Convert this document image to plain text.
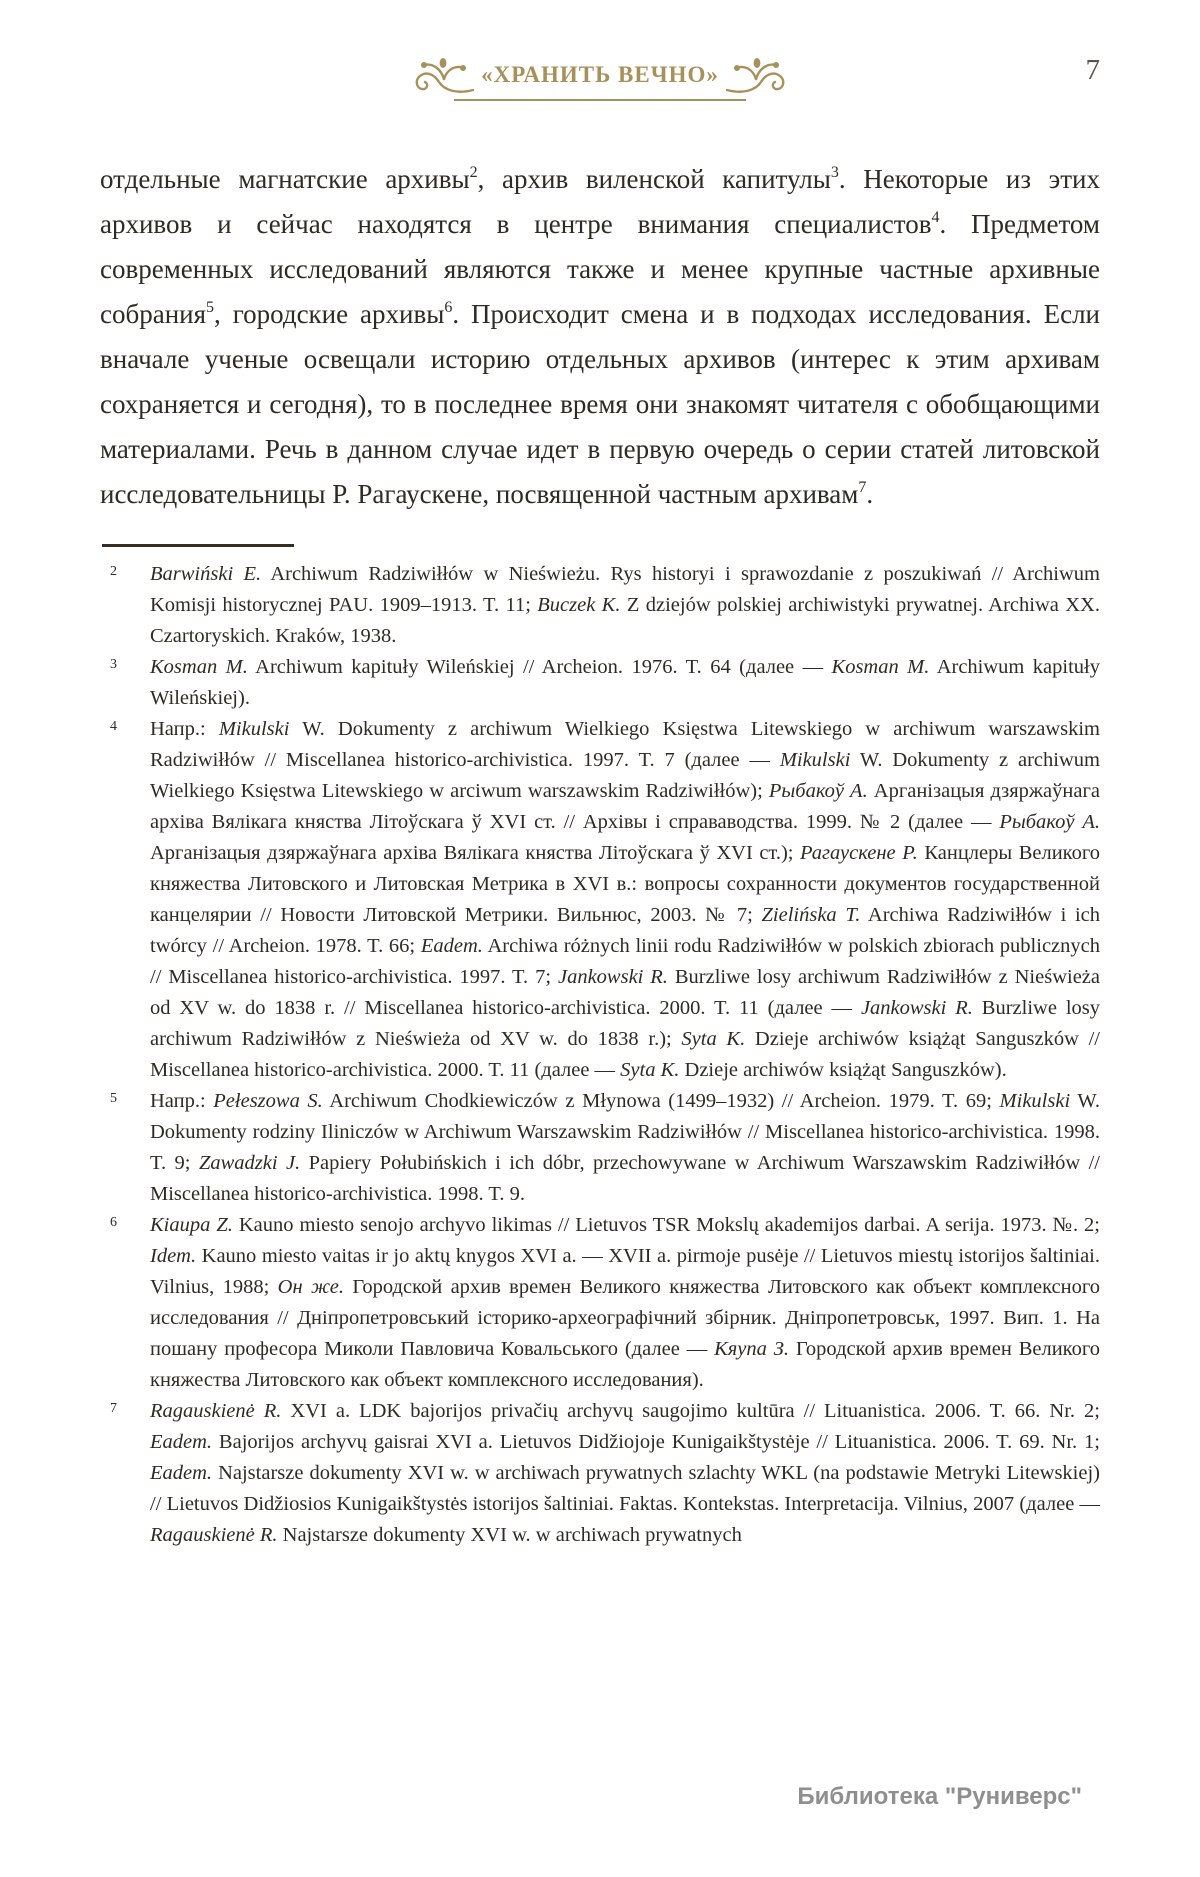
«ХРАНИТЬ ВЕЧНО»	7

отдельные магнатские архивы$^2$, архив виленской капитулы$^3$. Некоторые из этих архивов и сейчас находятся в центре внимания специалистов$^4$. Предметом современных исследований являются также и менее крупные частные архивные собрания$^5$, городские архивы$^6$. Происходит смена и в подходах исследования. Если вначале ученые освещали историю отдельных архивов (интерес к этим архивам сохраняется и сегодня), то в последнее время они знакомят читателя с обобщающими материалами. Речь в данном случае идет в первую очередь о серии статей литовской исследовательницы Р. Рагаускене, посвященной частным архивам$^7$.

2 Barwiński E. Archiwum Radziwiłłów w Nieświeżu. Rys historyi i sprawozdanie z poszukiwań // Archiwum Komisji historycznej PAU. 1909–1913. T. 11; Buczek K. Z dziejów polskiej archiwistyki prywatnej. Archiwa XX. Czartoryskich. Kraków, 1938.
3 Kosman M. Archiwum kapituły Wileńskiej // Archeion. 1976. T. 64 (далее — Kosman M. Archiwum kapituły Wileńskiej).
4 Напр.: Mikulski W. Dokumenty z archiwum Wielkiego Księstwa Litewskiego w archiwum warszawskim Radziwiłłów // Miscellanea historico-archivistica. 1997. T. 7 (далее — Mikulski W. Dokumenty z archiwum Wielkiego Księstwa Litewskiego w arciwum warszawskim Radziwiłłów); Рыбакоў А. Арганізацыя дзяржаўнага архіва Вялікага княства Літоўскага ў XVI ст. // Архівы і справаводства. 1999. № 2 (далее — Рыбакоў А. Арганізацыя дзяржаўнага архіва Вялікага княства Літоўскага ў XVI ст.); Рагаускене Р. Канцлеры Великого княжества Литовского и Литовская Метрика в XVI в.: вопросы сохранности документов государственной канцелярии // Новости Литовской Метрики. Вильнюс, 2003. № 7; Zielińska T. Archiwa Radziwiłłów i ich twórcy // Archeion. 1978. T. 66; Eadem. Archiwa różnych linii rodu Radziwiłłów w polskich zbiorach publicznych // Miscellanea historico-archivistica. 1997. T. 7; Jankowski R. Burzliwe losy archiwum Radziwiłłów z Nieświeża od XV w. do 1838 r. // Miscellanea historico-archivistica. 2000. T. 11 (далее — Jankowski R. Burzliwe losy archiwum Radziwiłłów z Nieświeża od XV w. do 1838 r.); Syta K. Dzieje archiwów książąt Sanguszków // Miscellanea historico-archivistica. 2000. T. 11 (далее — Syta K. Dzieje archiwów książąt Sanguszków).
5 Напр.: Pełeszowa S. Archiwum Chodkiewiczów z Młynowa (1499–1932) // Archeion. 1979. T. 69; Mikulski W. Dokumenty rodziny Iliniczów w Archiwum Warszawskim Radziwiłłów // Miscellanea historico-archivistica. 1998. T. 9; Zawadzki J. Papiery Połubińskich i ich dóbr, przechowywane w Archiwum Warszawskim Radziwiłłów // Miscellanea historico-archivistica. 1998. T. 9.
6 Kiaupa Z. Kauno miesto senojo archyvo likimas // Lietuvos TSR Mokslų akademijos darbai. A serija. 1973. №. 2; Idem. Kauno miesto vaitas ir jo aktų knygos XVI a. — XVII a. pirmoje pusėje // Lietuvos miestų istorijos šaltiniai. Vilnius, 1988; Он же. Городской архив времен Великого княжества Литовского как объект комплексного исследования // Дніпропетровський історико-археографічний збірник. Дніпропетровськ, 1997. Вип. 1. На пошану професора Миколи Павловича Ковальського (далее — Кяупа З. Городской архив времен Великого княжества Литовского как объект комплексного исследования).
7 Ragauskienė R. XVI a. LDK bajorijos privačių archyvų saugojimo kultūra // Lituanistica. 2006. T. 66. Nr. 2; Eadem. Bajorijos archyvų gaisrai XVI a. Lietuvos Didžiojoje Kunigaikštystėje // Lituanistica. 2006. T. 69. Nr. 1; Eadem. Najstarsze dokumenty XVI w. w archiwach prywatnych szlachty WKL (na podstawie Metryki Litewskiej) // Lietuvos Didžiosios Kunigaikštystės istorijos šaltiniai. Faktas. Kontekstas. Interpretacija. Vilnius, 2007 (далее — Ragauskienė R. Najstarsze dokumenty XVI w. w archiwach prywatnych
Библиотека "Руниверс"
